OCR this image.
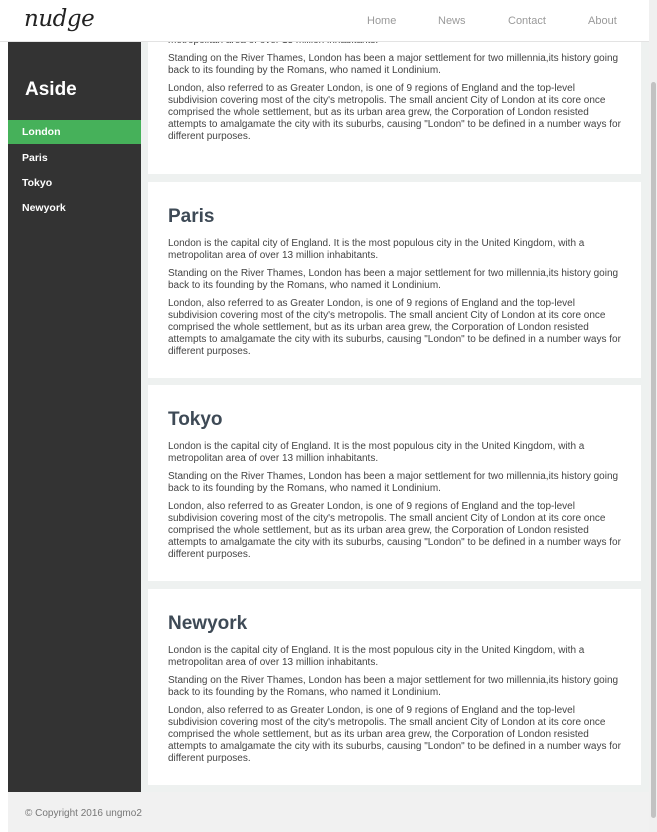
nudge	Home	News	Contact	About
Aside
London
Paris
Tokyo
Newyork

Standing on the River Thames, London has been a major settlement for two millennia,its history going back to its founding by the Romans, who named it Londinium.

London, also referred to as Greater London, is one of 9 regions of England and the top-level subdivision covering most of the city's metropolis. The small ancient City of London at its core once comprised the whole settlement, but as its urban area grew, the Corporation of London resisted attempts to amalgamate the city with its suburbs, causing "London" to be defined in a number ways for different purposes.

Paris

London is the capital city of England. It is the most populous city in the United Kingdom, with a metropolitan area of over 13 million inhabitants.

Standing on the River Thames, London has been a major settlement for two millennia,its history going back to its founding by the Romans, who named it Londinium.

London, also referred to as Greater London, is one of 9 regions of England and the top-level subdivision covering most of the city's metropolis. The small ancient City of London at its core once comprised the whole settlement, but as its urban area grew, the Corporation of London resisted attempts to amalgamate the city with its suburbs, causing "London" to be defined in a number ways for different purposes.

Tokyo

London is the capital city of England. It is the most populous city in the United Kingdom, with a metropolitan area of over 13 million inhabitants.

Standing on the River Thames, London has been a major settlement for two millennia,its history going back to its founding by the Romans, who named it Londinium.

London, also referred to as Greater London, is one of 9 regions of England and the top-level subdivision covering most of the city's metropolis. The small ancient City of London at its core once comprised the whole settlement, but as its urban area grew, the Corporation of London resisted attempts to amalgamate the city with its suburbs, causing "London" to be defined in a number ways for different purposes.

Newyork

London is the capital city of England. It is the most populous city in the United Kingdom, with a metropolitan area of over 13 million inhabitants.

Standing on the River Thames, London has been a major settlement for two millennia,its history going back to its founding by the Romans, who named it Londinium.

London, also referred to as Greater London, is one of 9 regions of England and the top-level subdivision covering most of the city's metropolis. The small ancient City of London at its core once comprised the whole settlement, but as its urban area grew, the Corporation of London resisted attempts to amalgamate the city with its suburbs, causing "London" to be defined in a number ways for different purposes.

© Copyright 2016 ungmo2
